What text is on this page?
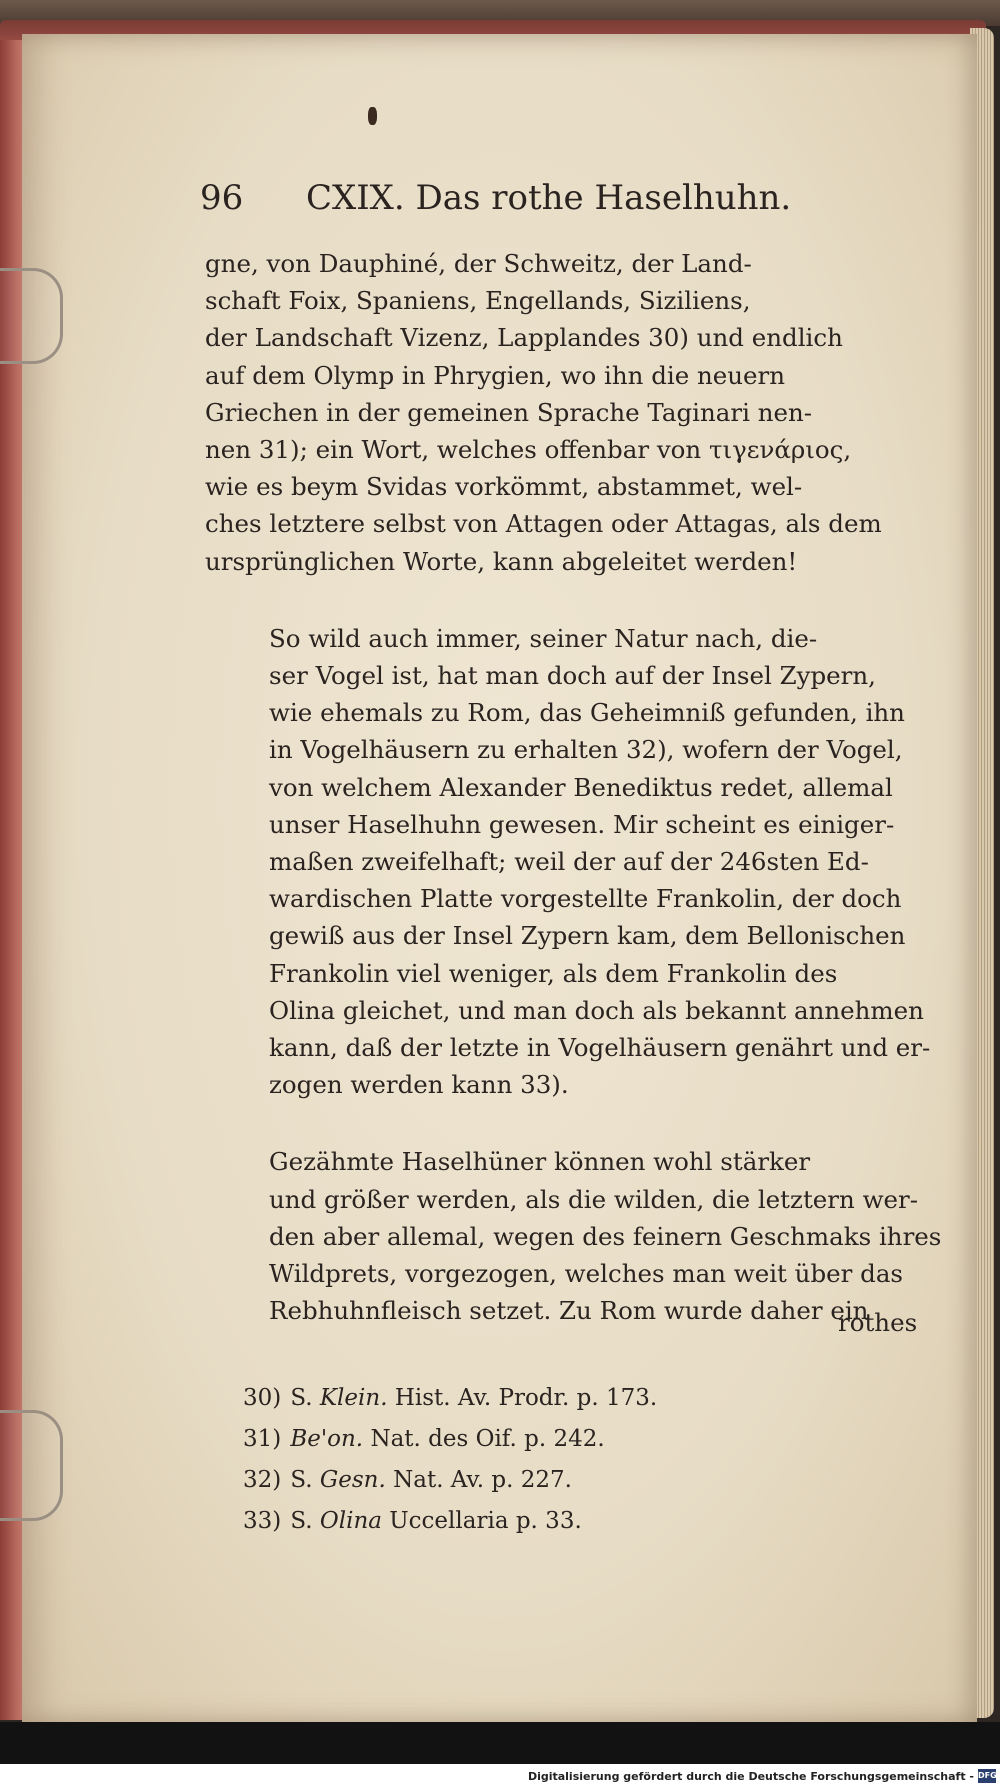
96 CXIX. Das rothe Haselhuhn.

gne, von Dauphiné, der Schweitz, der Land-
schaft Foix, Spaniens, Engellands, Siziliens,
der Landschaft Vizenz, Lapplandes 30) und endlich
auf dem Olymp in Phrygien, wo ihn die neuern
Griechen in der gemeinen Sprache Taginari nen-
nen 31); ein Wort, welches offenbar von τιγενάριος,
wie es beym Svidas vorkömmt, abstammet, wel-
ches letztere selbst von Attagen oder Attagas, als dem
ursprünglichen Worte, kann abgeleitet werden!

So wild auch immer, seiner Natur nach, die-
ser Vogel ist, hat man doch auf der Insel Zypern,
wie ehemals zu Rom, das Geheimniß gefunden, ihn
in Vogelhäusern zu erhalten 32), wofern der Vogel,
von welchem Alexander Benediktus redet, allemal
unser Haselhuhn gewesen. Mir scheint es einiger-
maßen zweifelhaft; weil der auf der 246sten Ed-
wardischen Platte vorgestellte Frankolin, der doch
gewiß aus der Insel Zypern kam, dem Bellonischen
Frankolin viel weniger, als dem Frankolin des
Olina gleichet, und man doch als bekannt annehmen
kann, daß der letzte in Vogelhäusern genährt und er-
zogen werden kann 33).

Gezähmte Haselhüner können wohl stärker
und größer werden, als die wilden, die letztern wer-
den aber allemal, wegen des feinern Geschmaks ihres
Wildprets, vorgezogen, welches man weit über das
Rebhuhnfleisch setzet. Zu Rom wurde daher ein

rothes
30) S. Klein. Hist. Av. Prodr. p. 173.
31) Be'on. Nat. des Oif. p. 242.
32) S. Gesn. Nat. Av. p. 227.
33) S. Olina Uccellaria p. 33.
Digitalisierung gefördert durch die Deutsche Forschungsgemeinschaft - DFG
